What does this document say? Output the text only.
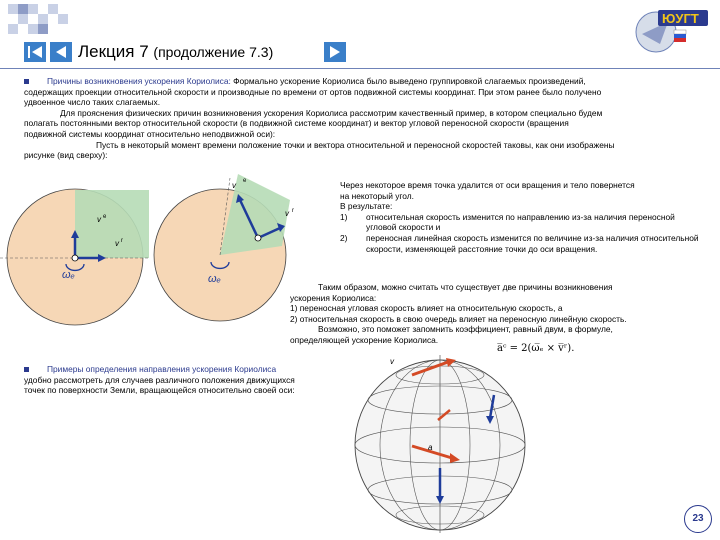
ЮУГТ
Лекция 7 (продолжение 7.3)
Причины возникновения ускорения Кориолиса: Формально ускорение Кориолиса было выведено группировкой слагаемых произведений,
содержащих проекции относительной скорости и производные по времени от ортов подвижной системы координат. При этом ранее было получено
удвоенное число таких слагаемых.
Для прояснения физических причин возникновения ускорения Кориолиса рассмотрим качественный пример, в котором специально будем
полагать постоянными вектор относительной скорости (в подвижной системе координат) и вектор угловой переносной скорости (вращения
подвижной системы координат относительно неподвижной оси):
Пусть в некоторый момент времени положение точки и вектора относительной и переносной скоростей таковы, как они изображены
рисунке (вид сверху):
v e
v r
ωₑ
v e
v r
ωₑ
v
a
Через некоторое время точка удалится от оси вращения и тело повернется
на некоторый угол.
В результате:
1)	относительная скорость изменится по направлению из-за наличия переносной угловой скорости и
2)	переносная линейная скорость изменится по величине из-за наличия относительной скорости, изменяющей расстояние точки до оси вращения.
Таким образом, можно считать что существует две причины возникновения
ускорения Кориолиса:
1) переносная угловая скорость влияет на относительную скорость, а
2) относительная скорость в свою очередь влияет на переносную линейную скорость.
Возможно, это поможет запомнить коэффициент, равный двум, в формуле,
определяющей ускорение Кориолиса.
a̅ᶜ = 2(ω̅ₑ × v̅ʳ).
Примеры определения направления ускорения Кориолиса
удобно рассмотреть для случаев различного положения движущихся
точек по поверхности Земли, вращающейся относительно своей оси:
23
